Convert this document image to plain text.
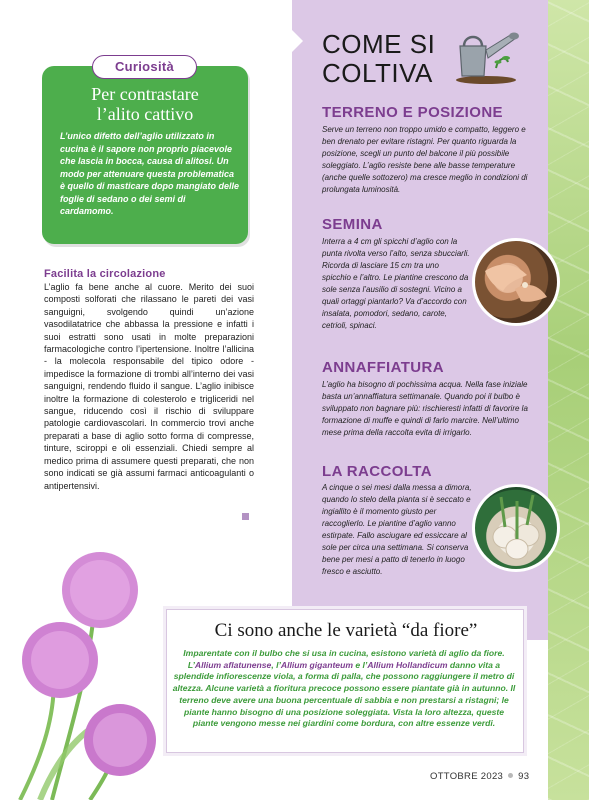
Curiosità
Per contrastare
l’alito cattivo
L’unico difetto dell’aglio utilizzato in cucina è il sapore non proprio piacevole che lascia in bocca, causa di alitosi. Un modo per attenuare questa problematica è quello di masticare dopo mangiato delle foglie di sedano o dei semi di cardamomo.
Facilita la circolazione
L’aglio fa bene anche al cuore. Merito dei suoi composti solforati che rilassano le pareti dei vasi sanguigni, svolgendo quindi un’azione vasodilatatrice che abbassa la pressione e infatti i suoi estratti sono usati in molte preparazioni farmacologiche contro l’ipertensione. Inoltre l’allicina - la molecola responsabile del tipico odore - impedisce la formazione di trombi all’interno dei vasi sanguigni, rendendo fluido il sangue. L’aglio inibisce inoltre la formazione di colesterolo e trigliceridi nel sangue, riducendo così il rischio di sviluppare patologie cardiovascolari. In commercio trovi anche preparati a base di aglio sotto forma di compresse, tinture, sciroppi e oli essenziali. Chiedi sempre al medico prima di assumere questi preparati, che non sono indicati se già assumi farmaci anticoagulanti o antipertensivi.
COME SI
COLTIVA
TERRENO E POSIZIONE
Serve un terreno non troppo umido e compatto, leggero e ben drenato per evitare ristagni. Per quanto riguarda la posizione, scegli un punto del balcone il più possibile soleggiato. L’aglio resiste bene alle basse temperature (anche quelle sottozero) ma cresce meglio in condizioni di prolungata luminosità.
SEMINA
Interra a 4 cm gli spicchi d’aglio con la punta rivolta verso l’alto, senza sbucciarli. Ricorda di lasciare 15 cm tra uno spicchio e l’altro. Le piantine crescono da sole senza l’ausilio di sostegni. Vicino a quali ortaggi piantarlo? Va d’accordo con insalata, pomodori, sedano, carote, cetrioli, spinaci.
ANNAFFIATURA
L’aglio ha bisogno di pochissima acqua. Nella fase iniziale basta un’annaffiatura settimanale. Quando poi il bulbo è sviluppato non bagnare più: rischieresti infatti di favorire la formazione di muffe e quindi di farlo marcire. Nell’ultimo mese prima della raccolta evita di irrigarlo.
LA RACCOLTA
A cinque o sei mesi dalla messa a dimora, quando lo stelo della pianta si è seccato e ingiallito è il momento giusto per raccoglierlo. Le piantine d’aglio vanno estirpate. Fallo asciugare ed essiccare al sole per circa una settimana. Si conserva bene per mesi a patto di tenerlo in luogo fresco e asciutto.
Ci sono anche le varietà “da fiore”
Imparentate con il bulbo che si usa in cucina, esistono varietà di aglio da fiore. L’Allium aflatunense, l’Allium giganteum e l’Allium Hollandicum danno vita a splendide infiorescenze viola, a forma di palla, che possono raggiungere il metro di altezza. Alcune varietà a fioritura precoce possono essere piantate già in autunno. Il terreno deve avere una buona percentuale di sabbia e non prestarsi a ristagni; le piante hanno bisogno di una posizione soleggiata. Vista la loro altezza, queste piante vengono messe nei giardini come bordura, con altre essenze verdi.
OTTOBRE 2023 93
